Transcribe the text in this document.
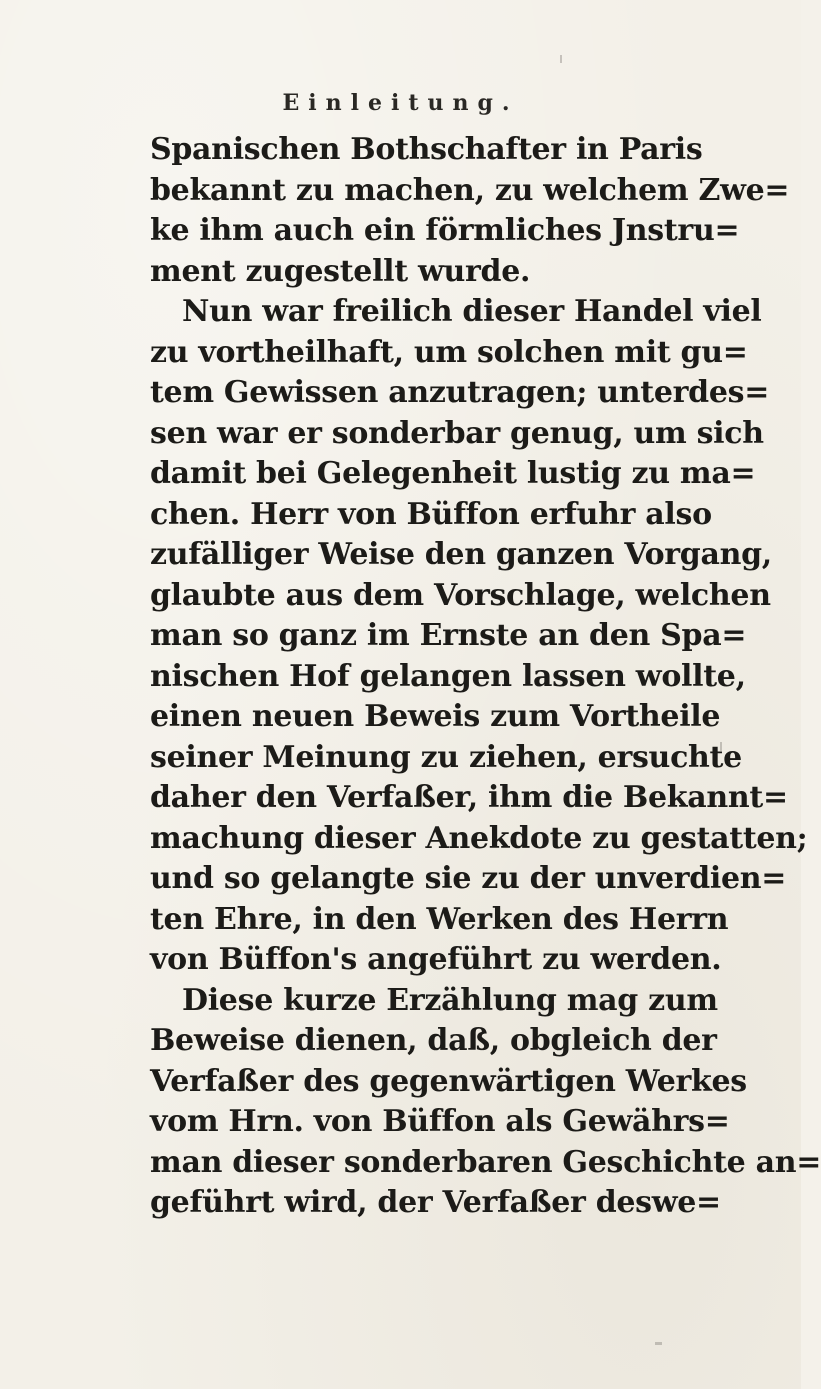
Einleitung.
Spanischen Bothschafter in Paris
bekannt zu machen, zu welchem Zwe=
ke ihm auch ein förmliches Jnstru=
ment zugestellt wurde.
Nun war freilich dieser Handel viel
zu vortheilhaft, um solchen mit gu=
tem Gewissen anzutragen; unterdes=
sen war er sonderbar genug, um sich
damit bei Gelegenheit lustig zu ma=
chen. Herr von Büffon erfuhr also
zufälliger Weise den ganzen Vorgang,
glaubte aus dem Vorschlage, welchen
man so ganz im Ernste an den Spa=
nischen Hof gelangen lassen wollte,
einen neuen Beweis zum Vortheile
seiner Meinung zu ziehen, ersuchte
daher den Verfaßer, ihm die Bekannt=
machung dieser Anekdote zu gestatten;
und so gelangte sie zu der unverdien=
ten Ehre, in den Werken des Herrn
von Büffon's angeführt zu werden.
Diese kurze Erzählung mag zum
Beweise dienen, daß, obgleich der
Verfaßer des gegenwärtigen Werkes
vom Hrn. von Büffon als Gewährs=
man dieser sonderbaren Geschichte an=
geführt wird, der Verfaßer deswe=
